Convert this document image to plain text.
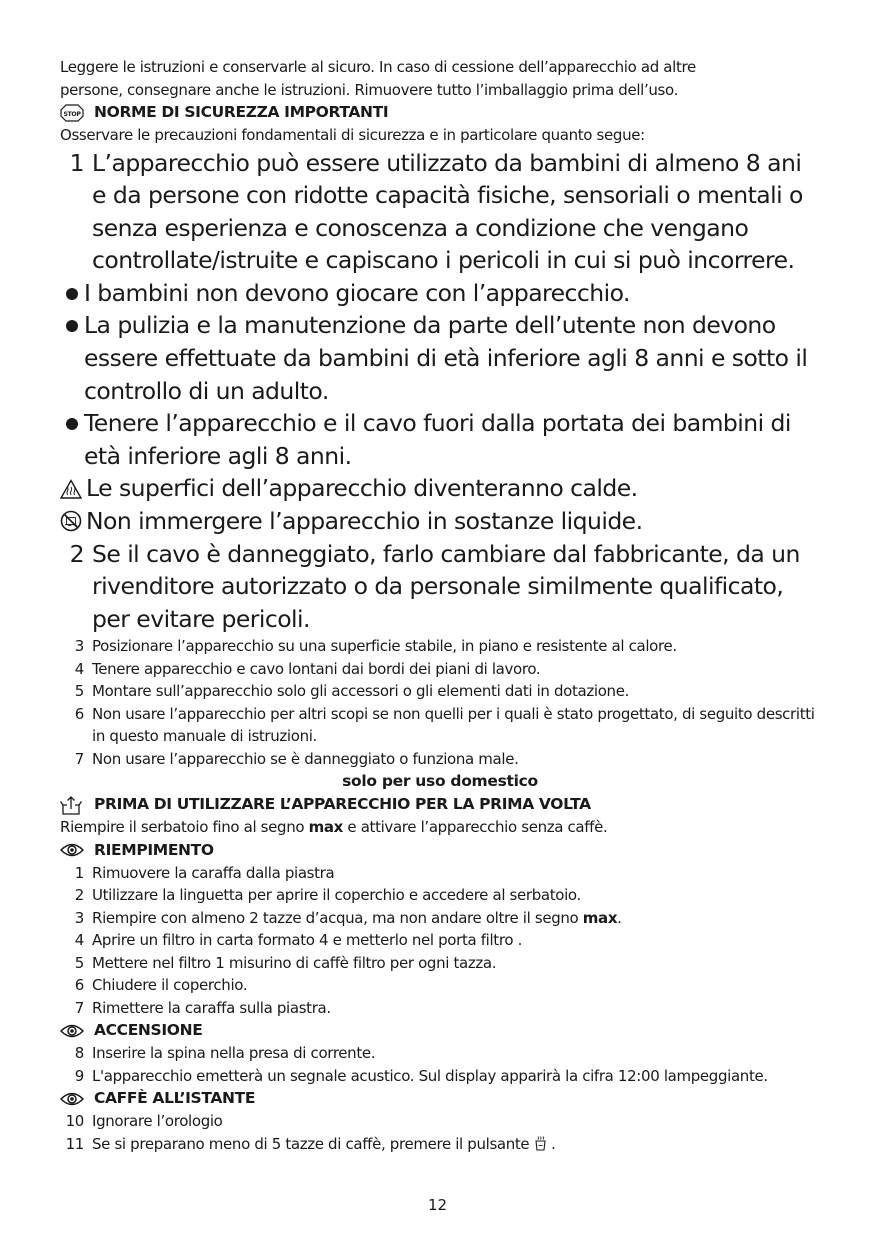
Leggere le istruzioni e conservarle al sicuro. In caso di cessione dell’apparecchio ad altre
persone, consegnare anche le istruzioni. Rimuovere tutto l’imballaggio prima dell’uso.
STOP NORME DI SICUREZZA IMPORTANTI
Osservare le precauzioni fondamentali di sicurezza e in particolare quanto segue:
1 L’apparecchio può essere utilizzato da bambini di almeno 8 ani e da persone con ridotte capacità fisiche, sensoriali o mentali o senza esperienza e conoscenza a condizione che vengano controllate/istruite e capiscano i pericoli in cui si può incorrere.
I bambini non devono giocare con l’apparecchio.
La pulizia e la manutenzione da parte dell’utente non devono essere effettuate da bambini di età inferiore agli 8 anni e sotto il controllo di un adulto.
Tenere l’apparecchio e il cavo fuori dalla portata dei bambini di età inferiore agli 8 anni.
Le superfici dell’apparecchio diventeranno calde.
Non immergere l’apparecchio in sostanze liquide.
2 Se il cavo è danneggiato, farlo cambiare dal fabbricante, da un rivenditore autorizzato o da personale similmente qualificato, per evitare pericoli.
3 Posizionare l’apparecchio su una superficie stabile, in piano e resistente al calore.
4 Tenere apparecchio e cavo lontani dai bordi dei piani di lavoro.
5 Montare sull’apparecchio solo gli accessori o gli elementi dati in dotazione.
6 Non usare l’apparecchio per altri scopi se non quelli per i quali è stato progettato, di seguito descritti in questo manuale di istruzioni.
7 Non usare l’apparecchio se è danneggiato o funziona male.
solo per uso domestico
PRIMA DI UTILIZZARE L’APPARECCHIO PER LA PRIMA VOLTA
Riempire il serbatoio fino al segno max e attivare l’apparecchio senza caffè.
RIEMPIMENTO
1 Rimuovere la caraffa dalla piastra
2 Utilizzare la linguetta per aprire il coperchio e accedere al serbatoio.
3 Riempire con almeno 2 tazze d’acqua, ma non andare oltre il segno max.
4 Aprire un filtro in carta formato 4 e metterlo nel porta filtro .
5 Mettere nel filtro 1 misurino di caffè filtro per ogni tazza.
6 Chiudere il coperchio.
7 Rimettere la caraffa sulla piastra.
ACCENSIONE
8 Inserire la spina nella presa di corrente.
9 L'apparecchio emetterà un segnale acustico. Sul display apparirà la cifra 12:00 lampeggiante.
CAFFÈ ALL’ISTANTE
10 Ignorare l’orologio
11 Se si preparano meno di 5 tazze di caffè, premere il pulsante  .
12
